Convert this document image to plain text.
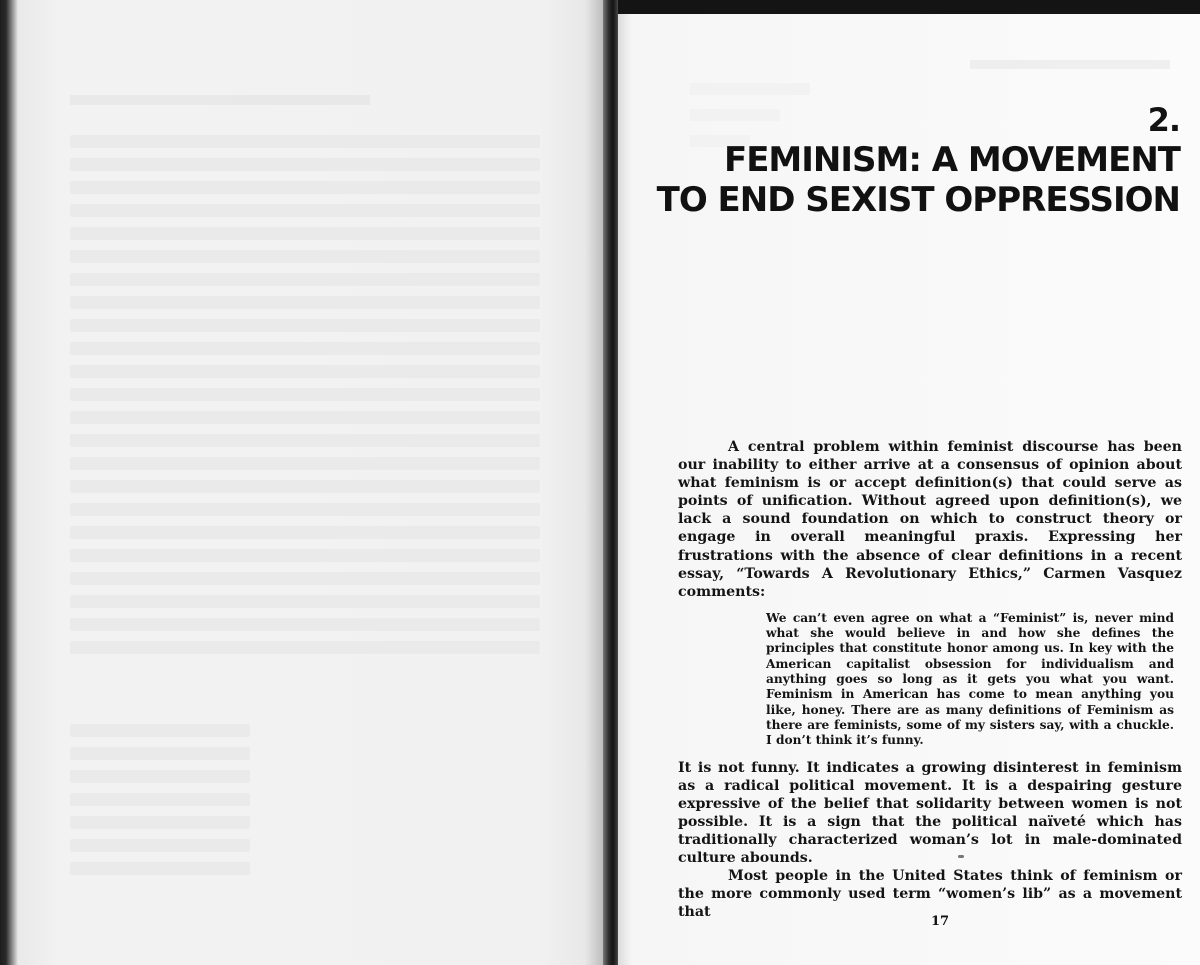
2.
FEMINISM: A MOVEMENT
TO END SEXIST OPPRESSION

A central problem within feminist discourse has been our inability to either arrive at a consensus of opinion about what feminism is or accept definition(s) that could serve as points of unification. Without agreed upon definition(s), we lack a sound foundation on which to construct theory or engage in overall meaningful praxis. Expressing her frustrations with the absence of clear definitions in a recent essay, “Towards A Revolutionary Ethics,” Carmen Vasquez comments:

We can’t even agree on what a “Feminist” is, never mind what she would believe in and how she defines the principles that constitute honor among us. In key with the American capitalist obsession for individualism and anything goes so long as it gets you what you want. Feminism in American has come to mean anything you like, honey. There are as many definitions of Feminism as there are feminists, some of my sisters say, with a chuckle. I don’t think it’s funny.

It is not funny. It indicates a growing disinterest in feminism as a radical political movement. It is a despairing gesture expressive of the belief that solidarity between women is not possible. It is a sign that the political naïveté which has traditionally characterized woman’s lot in male-dominated culture abounds.

Most people in the United States think of feminism or the more commonly used term “women’s lib” as a movement that

17
